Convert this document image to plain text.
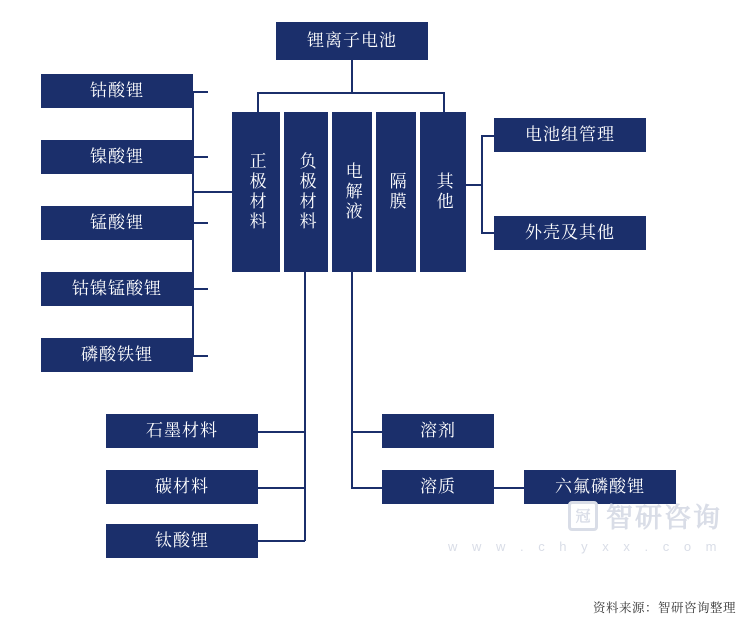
锂离子电池
正极材料 负极材料 电解液 隔膜 其他
钴酸锂
镍酸锂
锰酸锂
钴镍锰酸锂
磷酸铁锂
电池组管理
外壳及其他
石墨材料
碳材料
钛酸锂
溶剂
溶质	六氟磷酸锂
冠 智研咨询
w w w . c h y x x . c o m
资料来源：智研咨询整理
